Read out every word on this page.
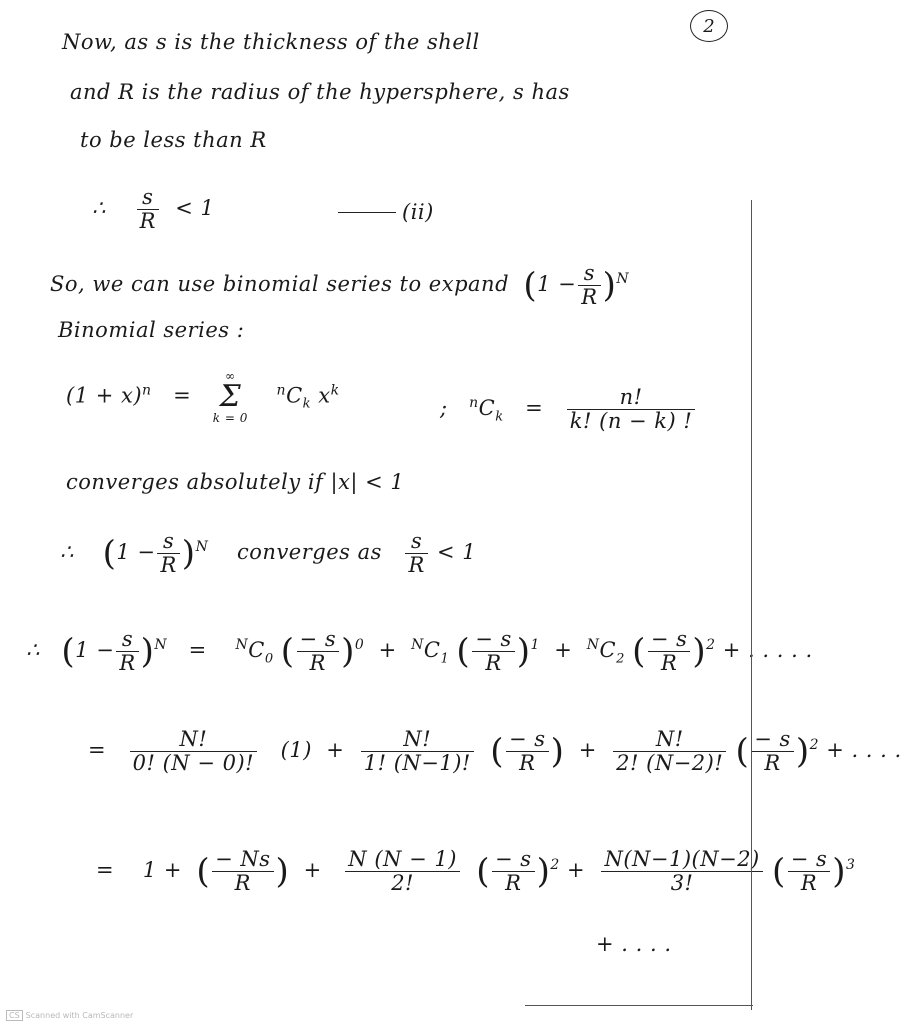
2
Now, as s is the thickness of the shell
and R is the radius of the hypersphere, s has
to be less than R
∴ $\frac{s}{R} < 1$	(ii)
So, we can use binomial series to expand $(1 - \frac{s}{R} )^N$
Binomial series :
$(1 + x)^n$ =
∞
Σ
k = 0
$^nC_k$ $x^k$
; $^nC_k = \frac{n!}{k! (n - k) !}$
converges absolutely if |x| < 1
∴ $(1 - \frac{s}{R} )^N$ converges as $\frac{s}{R} < 1$
∴ $(1 - \frac{s}{R} )^N = ^NC_0$ ( $\frac{- s}{R} )^0 + ^NC_1$ ( $\frac{- s}{R} )^1 + ^NC_2$ ( $\frac{- s}{R} )^2$ + . . . . .
= $\frac{N!}{0! (N - 0)!} (1) + \frac{N!}{1! (N-1)!}$ ( $\frac{- s}{R}$ ) + $\frac{N!}{2! (N-2)!}$ ( $\frac{- s}{R} )^2$ + . . . .
= 1 + ( $\frac{- Ns}{R}$ ) + $\frac{N (N - 1)}{2!}$ ( $\frac{- s}{R} )^2 + \frac{N(N-1)(N-2)}{3!}$ ( $\frac{- s}{R} )^3$
+ . . . .
CS Scanned with CamScanner
